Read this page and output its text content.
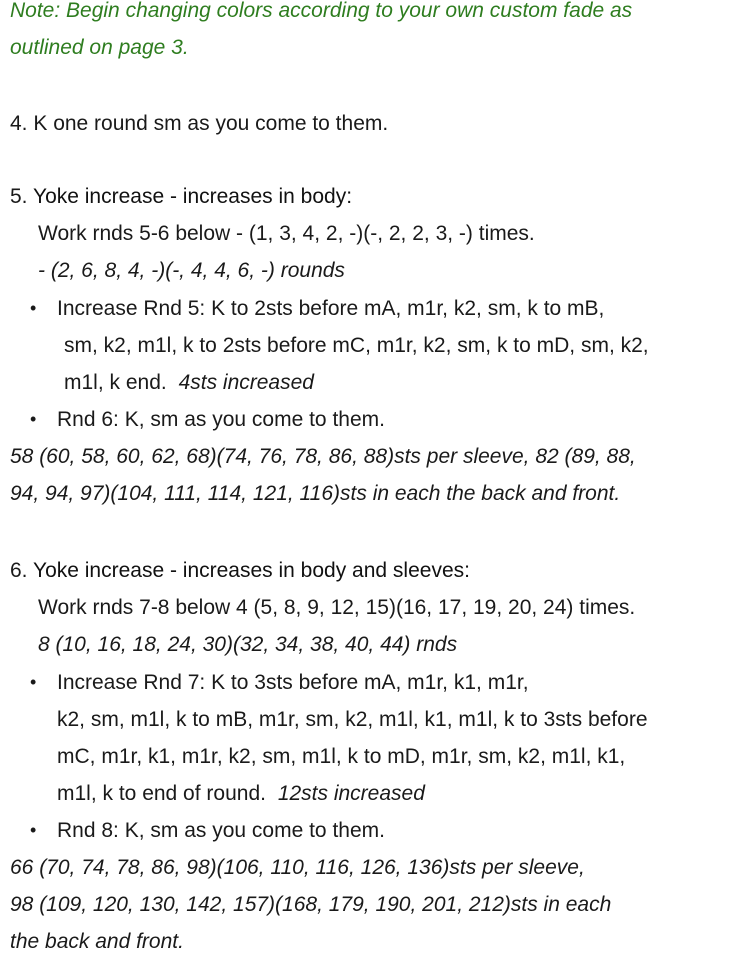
Note: Begin changing colors according to your own custom fade as
outlined on page 3.
4. K one round sm as you come to them.
5. Yoke increase - increases in body:
Work rnds 5-6 below - (1, 3, 4, 2, -)(-, 2, 2, 3, -) times.
- (2, 6, 8, 4, -)(-, 4, 4, 6, -) rounds
• Increase Rnd 5: K to 2sts before mA, m1r, k2, sm, k to mB,
sm, k2, m1l, k to 2sts before mC, m1r, k2, sm, k to mD, sm, k2,
m1l, k end. 4sts increased
• Rnd 6: K, sm as you come to them.
58 (60, 58, 60, 62, 68)(74, 76, 78, 86, 88)sts per sleeve, 82 (89, 88,
94, 94, 97)(104, 111, 114, 121, 116)sts in each the back and front.
6. Yoke increase - increases in body and sleeves:
Work rnds 7-8 below 4 (5, 8, 9, 12, 15)(16, 17, 19, 20, 24) times.
8 (10, 16, 18, 24, 30)(32, 34, 38, 40, 44) rnds
• Increase Rnd 7: K to 3sts before mA, m1r, k1, m1r,
k2, sm, m1l, k to mB, m1r, sm, k2, m1l, k1, m1l, k to 3sts before
mC, m1r, k1, m1r, k2, sm, m1l, k to mD, m1r, sm, k2, m1l, k1,
m1l, k to end of round. 12sts increased
• Rnd 8: K, sm as you come to them.
66 (70, 74, 78, 86, 98)(106, 110, 116, 126, 136)sts per sleeve,
98 (109, 120, 130, 142, 157)(168, 179, 190, 201, 212)sts in each
the back and front.
